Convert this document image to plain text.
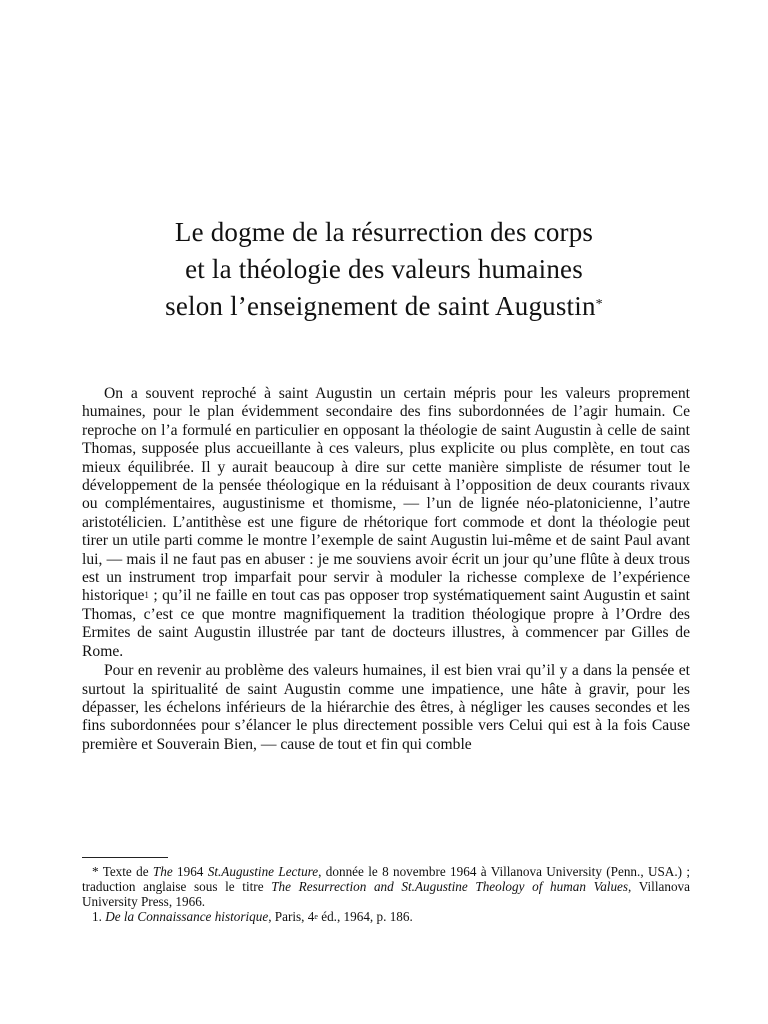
Le dogme de la résurrection des corps
et la théologie des valeurs humaines
selon l’enseignement de saint Augustin*

On a souvent reproché à saint Augustin un certain mépris pour les valeurs proprement humaines, pour le plan évidemment secondaire des fins subordonnées de l’agir humain. Ce reproche on l’a formulé en particulier en opposant la théologie de saint Augustin à celle de saint Thomas, supposée plus accueillante à ces valeurs, plus explicite ou plus complète, en tout cas mieux équilibrée. Il y aurait beaucoup à dire sur cette manière simpliste de résumer tout le développement de la pensée théologique en la réduisant à l’opposition de deux courants rivaux ou complémentaires, augustinisme et thomisme, — l’un de lignée néo-platonicienne, l’autre aristotélicien. L’antithèse est une figure de rhétorique fort commode et dont la théologie peut tirer un utile parti comme le montre l’exemple de saint Augustin lui-même et de saint Paul avant lui, — mais il ne faut pas en abuser : je me souviens avoir écrit un jour qu’une flûte à deux trous est un instrument trop imparfait pour servir à moduler la richesse complexe de l’expérience historique$^1$ ; qu’il ne faille en tout cas pas opposer trop systématiquement saint Augustin et saint Thomas, c’est ce que montre magnifiquement la tradition théologique propre à l’Ordre des Ermites de saint Augustin illustrée par tant de docteurs illustres, à commencer par Gilles de Rome.

Pour en revenir au problème des valeurs humaines, il est bien vrai qu’il y a dans la pensée et surtout la spiritualité de saint Augustin comme une impatience, une hâte à gravir, pour les dépasser, les échelons inférieurs de la hiérarchie des êtres, à négliger les causes secondes et les fins subordonnées pour s’élancer le plus directement possible vers Celui qui est à la fois Cause première et Souverain Bien, — cause de tout et fin qui comble

* Texte de The 1964 St.Augustine Lecture, donnée le 8 novembre 1964 à Villanova University (Penn., USA.) ; traduction anglaise sous le titre The Resurrection and St.Augustine Theology of human Values, Villanova University Press, 1966.

1. De la Connaissance historique, Paris, 4e éd., 1964, p. 186.
